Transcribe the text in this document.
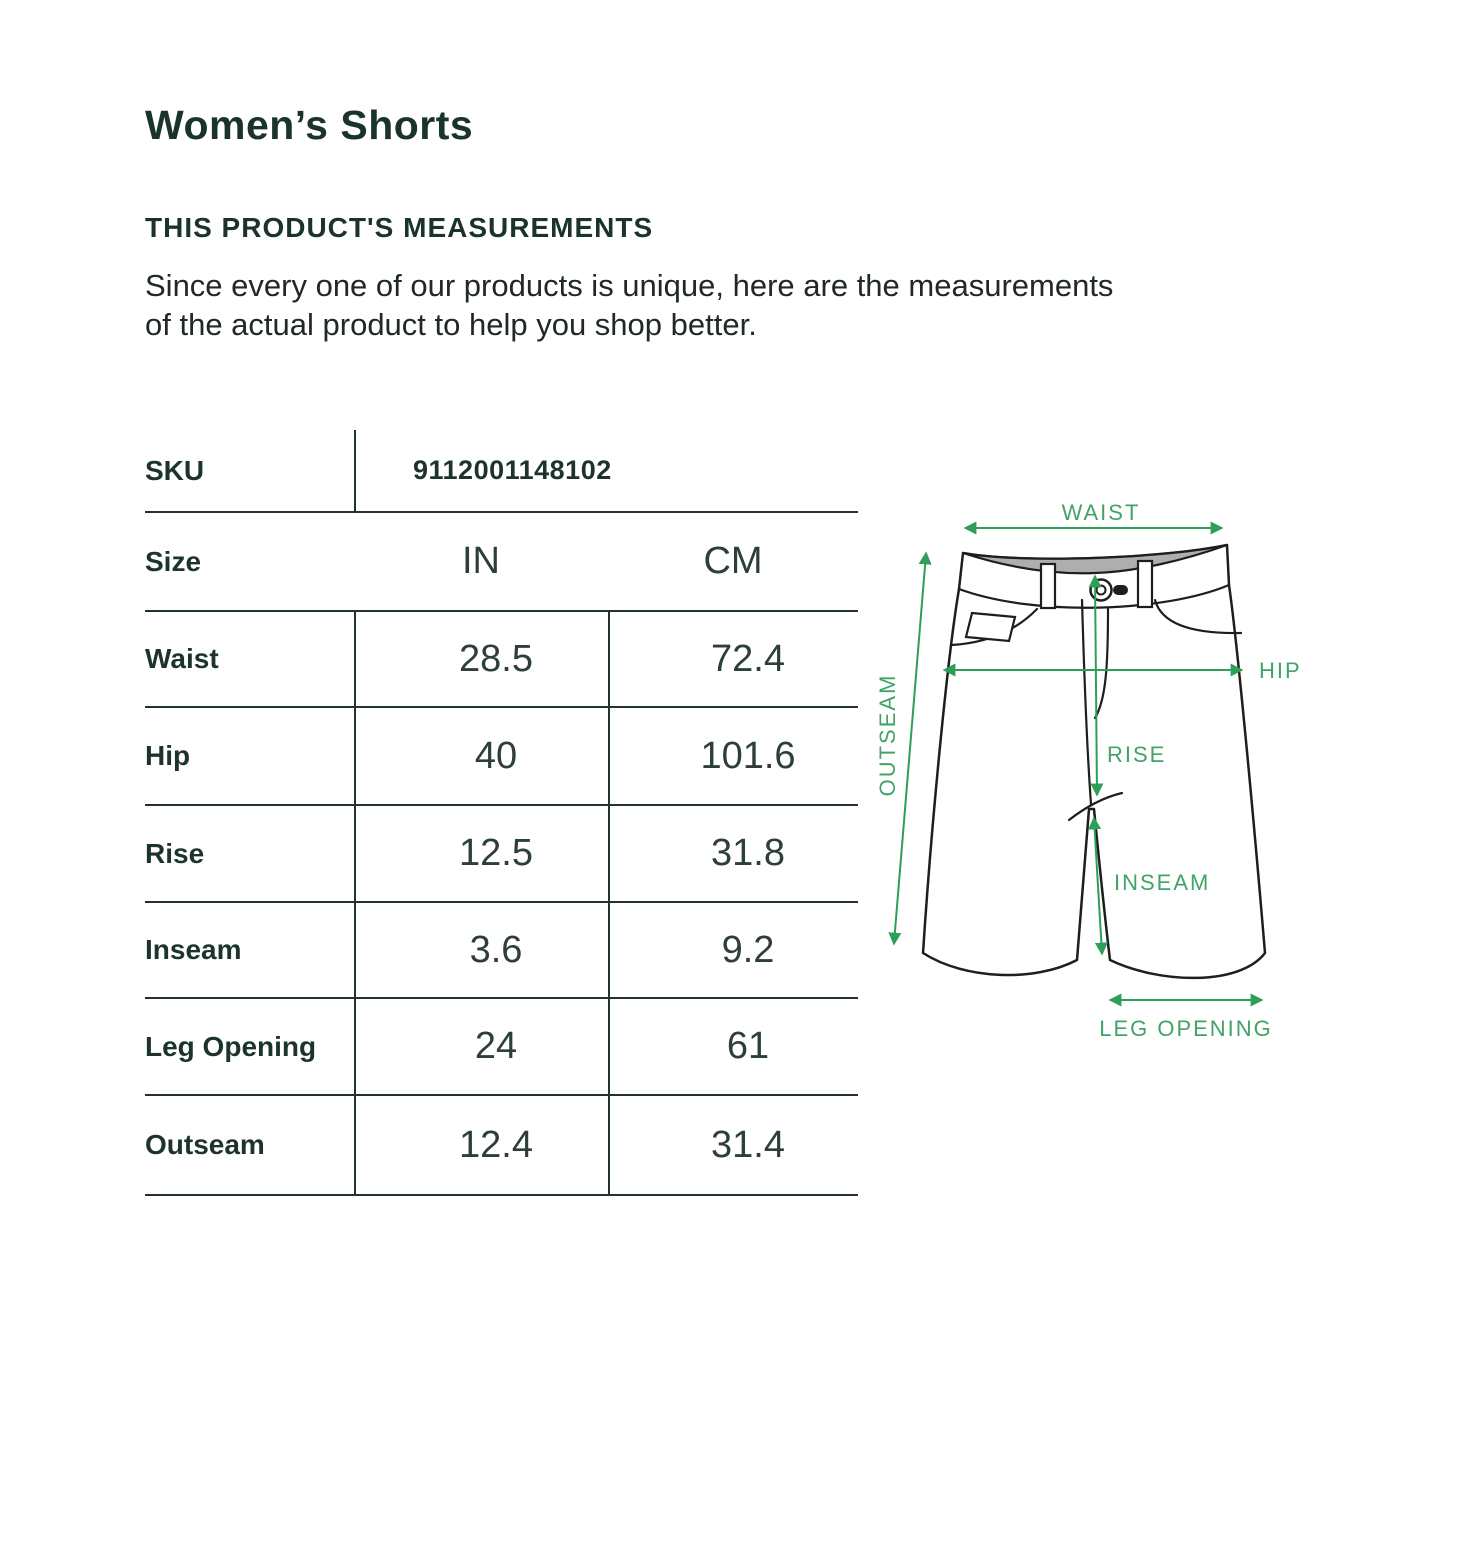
Women’s Shorts
THIS PRODUCT'S MEASUREMENTS
Since every one of our products is unique, here are the measurements
of the actual product to help you shop better.
SKU	9112001148102
Size	IN	CM
Waist	28.5	72.4
Hip	40	101.6
Rise	12.5	31.8
Inseam	3.6	9.2
Leg Opening	24	61
Outseam	12.4	31.4
WAIST
OUTSEAM
HIP
RISE
INSEAM
LEG OPENING
